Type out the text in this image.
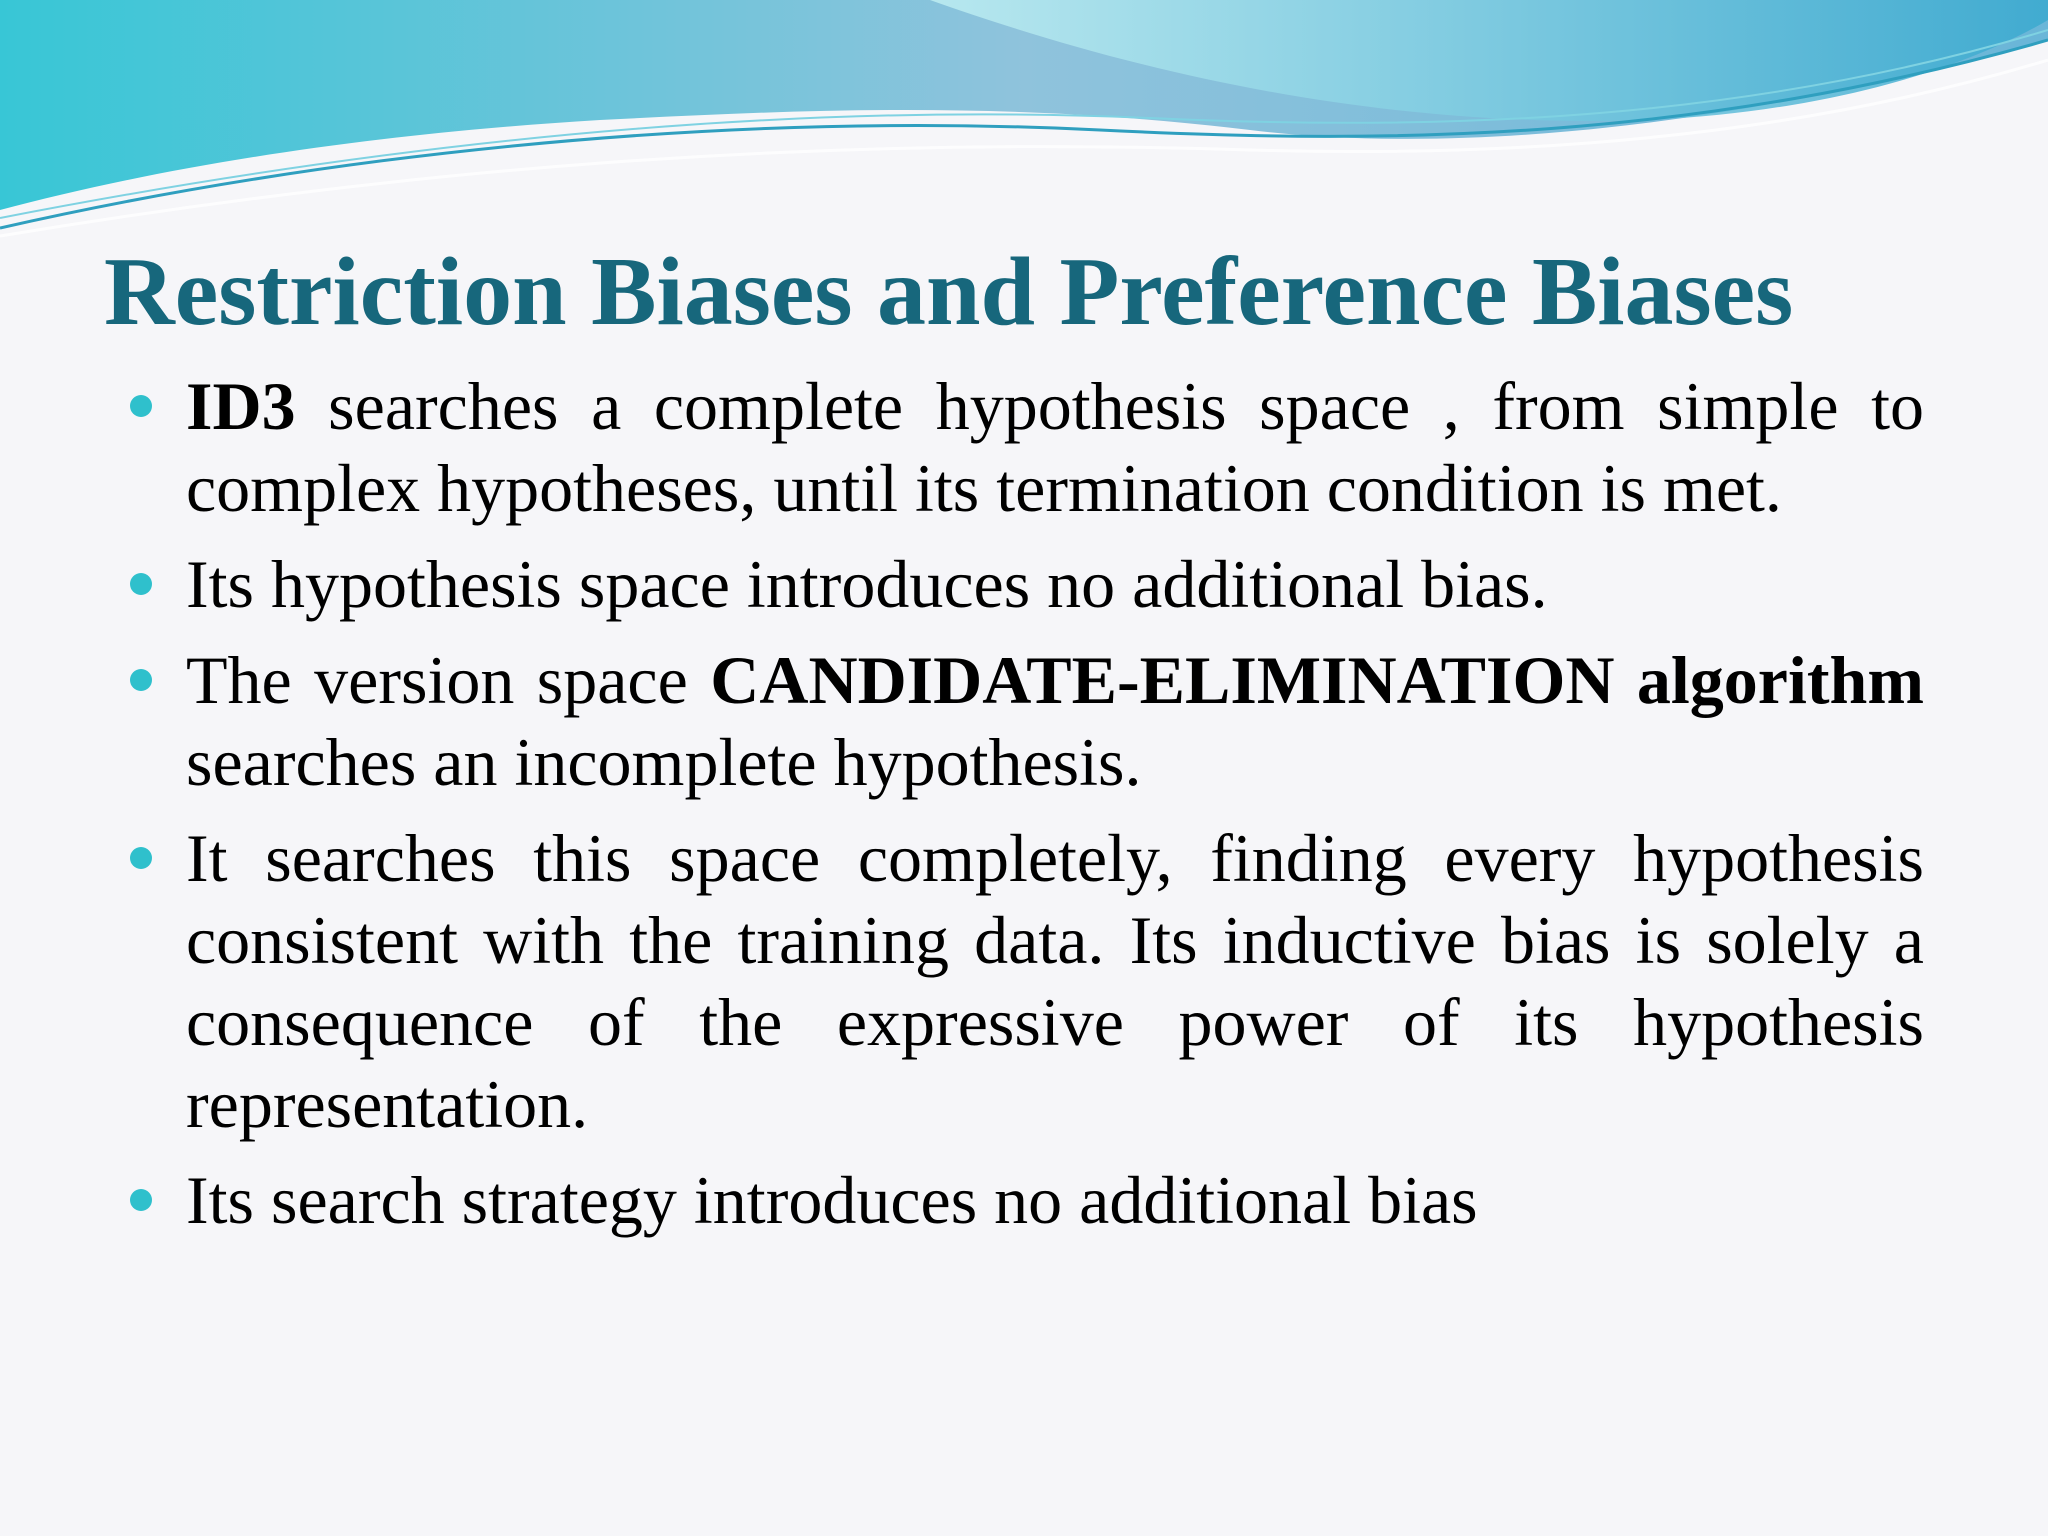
Restriction Biases and Preference Biases
ID3 searches a complete hypothesis space , from simple to complex hypotheses, until its termination condition is met.
Its hypothesis space introduces no additional bias.
The version space CANDIDATE-ELIMINATION algorithm searches an incomplete hypothesis.
It searches this space completely, finding every hypothesis consistent with the training data. Its inductive bias is solely a consequence of the expressive power of its hypothesis representation.
Its search strategy introduces no additional bias
